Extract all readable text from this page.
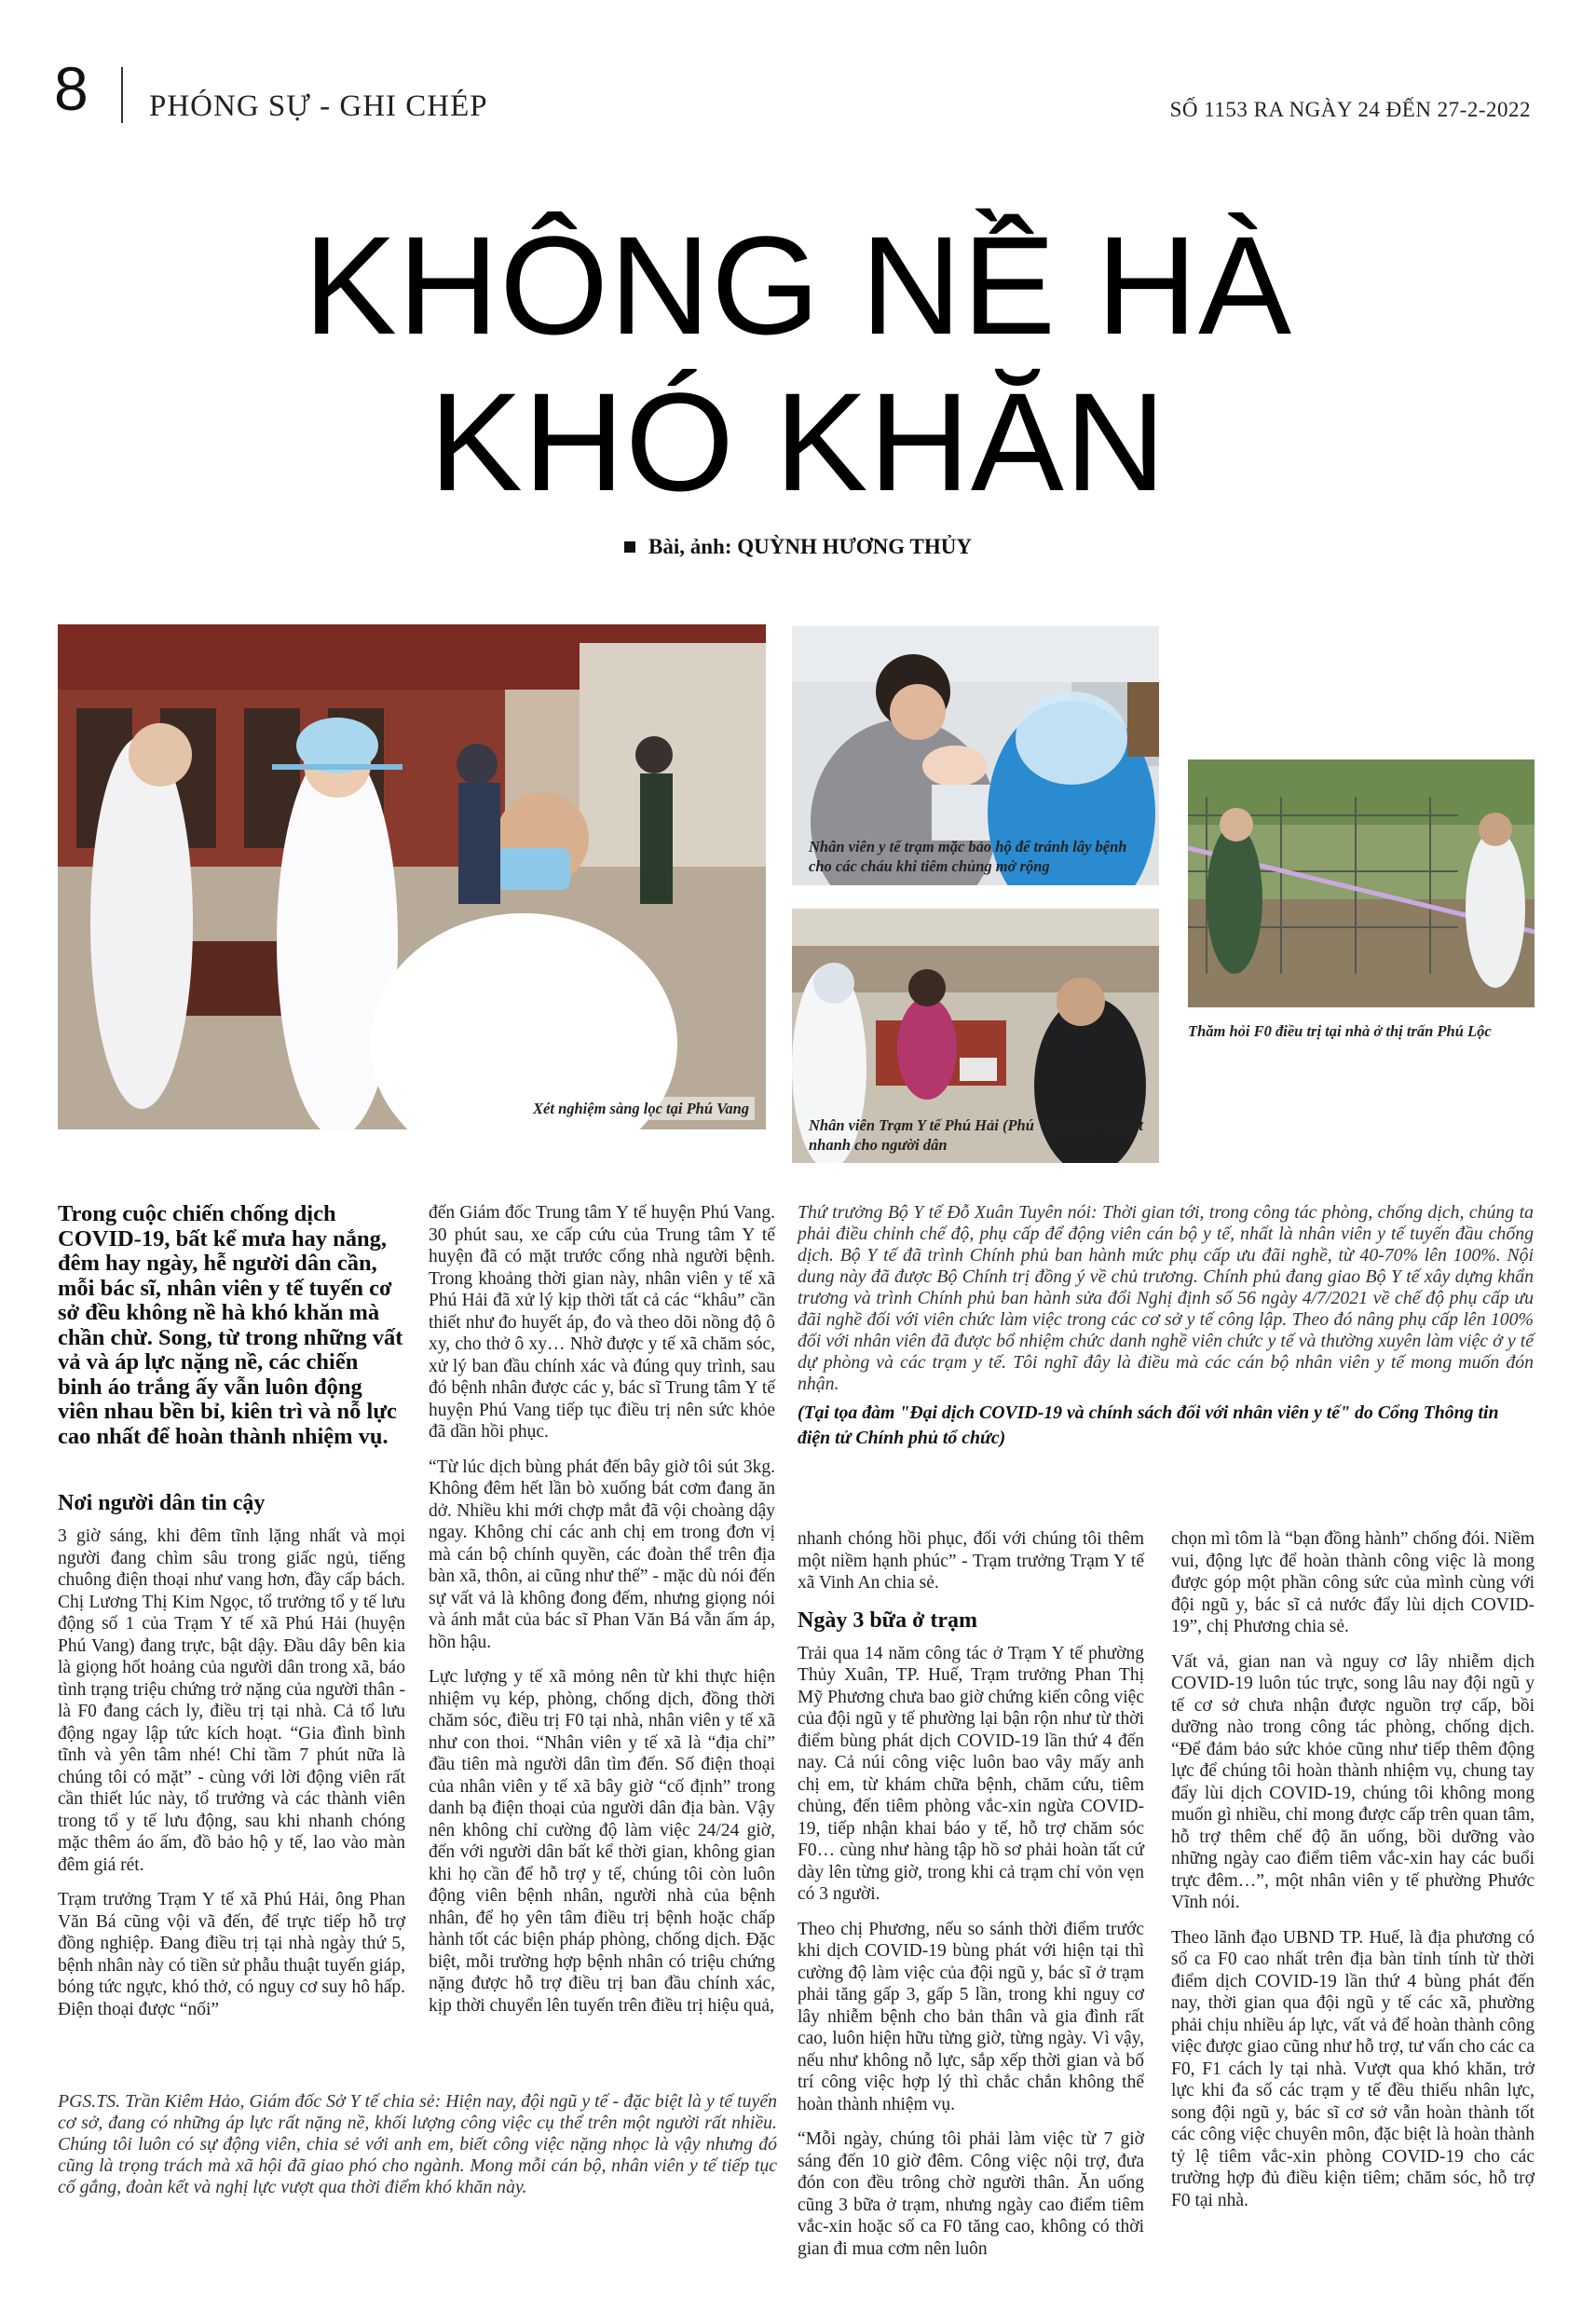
8 PHÓNG SỰ - GHI CHÉP	SỐ 1153 RA NGÀY 24 ĐẾN 27-2-2022
KHÔNG NỀ HÀ
KHÓ KHĂN
Bài, ảnh: QUỲNH HƯƠNG THỦY
Xét nghiệm sàng lọc tại Phú Vang
Nhân viên y tế trạm mặc bảo hộ để tránh lây bệnh cho các cháu khi tiêm chủng mở rộng
Nhân viên Trạm Y tế Phú Hải (Phú Vang) hỗ trợ test nhanh cho người dân
Thăm hỏi F0 điều trị tại nhà ở thị trấn Phú Lộc

Trong cuộc chiến chống dịch COVID-19, bất kể mưa hay nắng, đêm hay ngày, hễ người dân cần, mỗi bác sĩ, nhân viên y tế tuyến cơ sở đều không nề hà khó khăn mà chần chừ. Song, từ trong những vất vả và áp lực nặng nề, các chiến binh áo trắng ấy vẫn luôn động viên nhau bền bỉ, kiên trì và nỗ lực cao nhất để hoàn thành nhiệm vụ.

Nơi người dân tin cậy

3 giờ sáng, khi đêm tĩnh lặng nhất và mọi người đang chìm sâu trong giấc ngủ, tiếng chuông điện thoại như vang hơn, đầy cấp bách. Chị Lương Thị Kim Ngọc, tổ trưởng tổ y tế lưu động số 1 của Trạm Y tế xã Phú Hải (huyện Phú Vang) đang trực, bật dậy. Đầu dây bên kia là giọng hốt hoảng của người dân trong xã, báo tình trạng triệu chứng trở nặng của người thân - là F0 đang cách ly, điều trị tại nhà. Cả tổ lưu động ngay lập tức kích hoạt. “Gia đình bình tĩnh và yên tâm nhé! Chỉ tầm 7 phút nữa là chúng tôi có mặt” - cùng với lời động viên rất cần thiết lúc này, tổ trưởng và các thành viên trong tổ y tế lưu động, sau khi nhanh chóng mặc thêm áo ấm, đồ bảo hộ y tế, lao vào màn đêm giá rét.

Trạm trưởng Trạm Y tế xã Phú Hải, ông Phan Văn Bá cũng vội vã đến, để trực tiếp hỗ trợ đồng nghiệp. Đang điều trị tại nhà ngày thứ 5, bệnh nhân này có tiền sử phẫu thuật tuyến giáp, bóng tức ngực, khó thở, có nguy cơ suy hô hấp. Điện thoại được “nối”

đến Giám đốc Trung tâm Y tế huyện Phú Vang. 30 phút sau, xe cấp cứu của Trung tâm Y tế huyện đã có mặt trước cổng nhà người bệnh. Trong khoảng thời gian này, nhân viên y tế xã Phú Hải đã xử lý kịp thời tất cả các “khâu” cần thiết như đo huyết áp, đo và theo dõi nồng độ ô xy, cho thở ô xy… Nhờ được y tế xã chăm sóc, xử lý ban đầu chính xác và đúng quy trình, sau đó bệnh nhân được các y, bác sĩ Trung tâm Y tế huyện Phú Vang tiếp tục điều trị nên sức khỏe đã dần hồi phục.

“Từ lúc dịch bùng phát đến bây giờ tôi sút 3kg. Không đêm hết lần bò xuống bát cơm đang ăn dở. Nhiều khi mới chợp mắt đã vội choàng dậy ngay. Không chỉ các anh chị em trong đơn vị mà cán bộ chính quyền, các đoàn thể trên địa bàn xã, thôn, ai cũng như thế” - mặc dù nói đến sự vất vả là không đong đếm, nhưng giọng nói và ánh mắt của bác sĩ Phan Văn Bá vẫn ấm áp, hồn hậu.

Lực lượng y tế xã mỏng nên từ khi thực hiện nhiệm vụ kép, phòng, chống dịch, đồng thời chăm sóc, điều trị F0 tại nhà, nhân viên y tế xã như con thoi. “Nhân viên y tế xã là “địa chỉ” đầu tiên mà người dân tìm đến. Số điện thoại của nhân viên y tế xã bây giờ “cố định” trong danh bạ điện thoại của người dân địa bàn. Vậy nên không chỉ cường độ làm việc 24/24 giờ, đến với người dân bất kể thời gian, không gian khi họ cần để hỗ trợ y tế, chúng tôi còn luôn động viên bệnh nhân, người nhà của bệnh nhân, để họ yên tâm điều trị bệnh hoặc chấp hành tốt các biện pháp phòng, chống dịch. Đặc biệt, mỗi trường hợp bệnh nhân có triệu chứng nặng được hỗ trợ điều trị ban đầu chính xác, kịp thời chuyển lên tuyến trên điều trị hiệu quả,

Thứ trưởng Bộ Y tế Đỗ Xuân Tuyên nói: Thời gian tới, trong công tác phòng, chống dịch, chúng ta phải điều chỉnh chế độ, phụ cấp để động viên cán bộ y tế, nhất là nhân viên y tế tuyến đầu chống dịch. Bộ Y tế đã trình Chính phủ ban hành mức phụ cấp ưu đãi nghề, từ 40-70% lên 100%. Nội dung này đã được Bộ Chính trị đồng ý về chủ trương. Chính phủ đang giao Bộ Y tế xây dựng khẩn trương và trình Chính phủ ban hành sửa đổi Nghị định số 56 ngày 4/7/2021 về chế độ phụ cấp ưu đãi nghề đối với viên chức làm việc trong các cơ sở y tế công lập. Theo đó nâng phụ cấp lên 100% đối với nhân viên đã được bổ nhiệm chức danh nghề viên chức y tế và thường xuyên làm việc ở y tế dự phòng và các trạm y tế. Tôi nghĩ đây là điều mà các cán bộ nhân viên y tế mong muốn đón nhận.
(Tại tọa đàm "Đại dịch COVID-19 và chính sách đối với nhân viên y tế" do Cổng Thông tin điện tử Chính phủ tổ chức)

nhanh chóng hồi phục, đối với chúng tôi thêm một niềm hạnh phúc” - Trạm trưởng Trạm Y tế xã Vinh An chia sẻ.

Ngày 3 bữa ở trạm

Trải qua 14 năm công tác ở Trạm Y tế phường Thủy Xuân, TP. Huế, Trạm trưởng Phan Thị Mỹ Phương chưa bao giờ chứng kiến công việc của đội ngũ y tế phường lại bận rộn như từ thời điểm bùng phát dịch COVID-19 lần thứ 4 đến nay. Cả núi công việc luôn bao vây mấy anh chị em, từ khám chữa bệnh, chăm cứu, tiêm chủng, đến tiêm phòng vắc-xin ngừa COVID-19, tiếp nhận khai báo y tế, hỗ trợ chăm sóc F0… cùng như hàng tập hồ sơ phải hoàn tất cứ dày lên từng giờ, trong khi cả trạm chỉ vỏn vẹn có 3 người.

Theo chị Phương, nếu so sánh thời điểm trước khi dịch COVID-19 bùng phát với hiện tại thì cường độ làm việc của đội ngũ y, bác sĩ ở trạm phải tăng gấp 3, gấp 5 lần, trong khi nguy cơ lây nhiễm bệnh cho bản thân và gia đình rất cao, luôn hiện hữu từng giờ, từng ngày. Vì vậy, nếu như không nỗ lực, sắp xếp thời gian và bố trí công việc hợp lý thì chắc chắn không thể hoàn thành nhiệm vụ.

“Mỗi ngày, chúng tôi phải làm việc từ 7 giờ sáng đến 10 giờ đêm. Công việc nội trợ, đưa đón con đều trông chờ người thân. Ăn uống cũng 3 bữa ở trạm, nhưng ngày cao điểm tiêm vắc-xin hoặc số ca F0 tăng cao, không có thời gian đi mua cơm nên luôn

chọn mì tôm là “bạn đồng hành” chống đói. Niềm vui, động lực để hoàn thành công việc là mong được góp một phần công sức của mình cùng với đội ngũ y, bác sĩ cả nước đẩy lùi dịch COVID-19”, chị Phương chia sẻ.

Vất vả, gian nan và nguy cơ lây nhiễm dịch COVID-19 luôn túc trực, song lâu nay đội ngũ y tế cơ sở chưa nhận được nguồn trợ cấp, bồi dưỡng nào trong công tác phòng, chống dịch. “Để đảm bảo sức khỏe cũng như tiếp thêm động lực để chúng tôi hoàn thành nhiệm vụ, chung tay đẩy lùi dịch COVID-19, chúng tôi không mong muốn gì nhiều, chỉ mong được cấp trên quan tâm, hỗ trợ thêm chế độ ăn uống, bồi dưỡng vào những ngày cao điểm tiêm vắc-xin hay các buổi trực đêm…”, một nhân viên y tế phường Phước Vĩnh nói.

Theo lãnh đạo UBND TP. Huế, là địa phương có số ca F0 cao nhất trên địa bàn tỉnh tính từ thời điểm dịch COVID-19 lần thứ 4 bùng phát đến nay, thời gian qua đội ngũ y tế các xã, phường phải chịu nhiều áp lực, vất vả để hoàn thành công việc được giao cũng như hỗ trợ, tư vấn cho các ca F0, F1 cách ly tại nhà. Vượt qua khó khăn, trở lực khi đa số các trạm y tế đều thiếu nhân lực, song đội ngũ y, bác sĩ cơ sở vẫn hoàn thành tốt các công việc chuyên môn, đặc biệt là hoàn thành tỷ lệ tiêm vắc-xin phòng COVID-19 cho các trường hợp đủ điều kiện tiêm; chăm sóc, hỗ trợ F0 tại nhà.

PGS.TS. Trần Kiêm Hảo, Giám đốc Sở Y tế chia sẻ: Hiện nay, đội ngũ y tế - đặc biệt là y tế tuyến cơ sở, đang có những áp lực rất nặng nề, khối lượng công việc cụ thể trên một người rất nhiều. Chúng tôi luôn có sự động viên, chia sẻ với anh em, biết công việc nặng nhọc là vậy nhưng đó cũng là trọng trách mà xã hội đã giao phó cho ngành. Mong mỗi cán bộ, nhân viên y tế tiếp tục cố gắng, đoàn kết và nghị lực vượt qua thời điểm khó khăn này.
